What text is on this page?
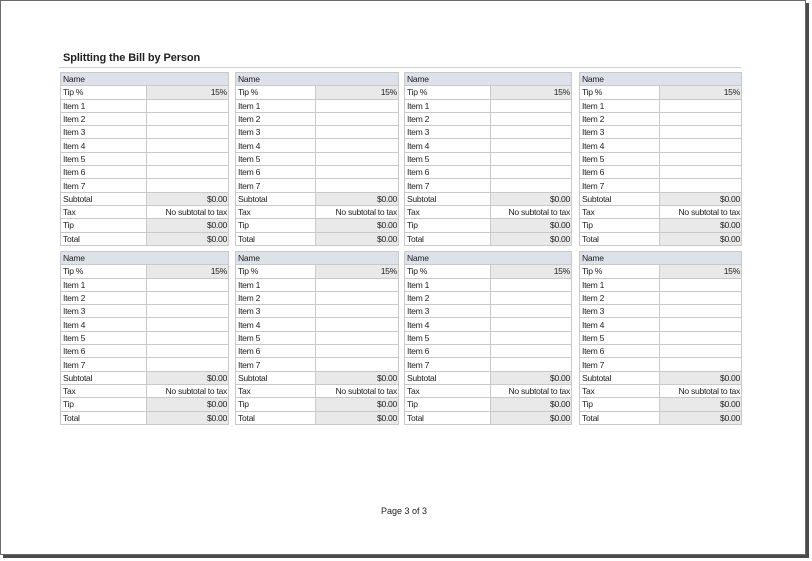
Splitting the Bill by Person
Name	
Tip %	15%
Item 1	
Item 2	
Item 3	
Item 4	
Item 5	
Item 6	
Item 7	
Subtotal	$0.00
Tax	No subtotal to tax
Tip	$0.00
Total	$0.00
Name	
Tip %	15%
Item 1	
Item 2	
Item 3	
Item 4	
Item 5	
Item 6	
Item 7	
Subtotal	$0.00
Tax	No subtotal to tax
Tip	$0.00
Total	$0.00
Name	
Tip %	15%
Item 1	
Item 2	
Item 3	
Item 4	
Item 5	
Item 6	
Item 7	
Subtotal	$0.00
Tax	No subtotal to tax
Tip	$0.00
Total	$0.00
Name	
Tip %	15%
Item 1	
Item 2	
Item 3	
Item 4	
Item 5	
Item 6	
Item 7	
Subtotal	$0.00
Tax	No subtotal to tax
Tip	$0.00
Total	$0.00
Name	
Tip %	15%
Item 1	
Item 2	
Item 3	
Item 4	
Item 5	
Item 6	
Item 7	
Subtotal	$0.00
Tax	No subtotal to tax
Tip	$0.00
Total	$0.00
Name	
Tip %	15%
Item 1	
Item 2	
Item 3	
Item 4	
Item 5	
Item 6	
Item 7	
Subtotal	$0.00
Tax	No subtotal to tax
Tip	$0.00
Total	$0.00
Name	
Tip %	15%
Item 1	
Item 2	
Item 3	
Item 4	
Item 5	
Item 6	
Item 7	
Subtotal	$0.00
Tax	No subtotal to tax
Tip	$0.00
Total	$0.00
Name	
Tip %	15%
Item 1	
Item 2	
Item 3	
Item 4	
Item 5	
Item 6	
Item 7	
Subtotal	$0.00
Tax	No subtotal to tax
Tip	$0.00
Total	$0.00
Page 3 of 3
